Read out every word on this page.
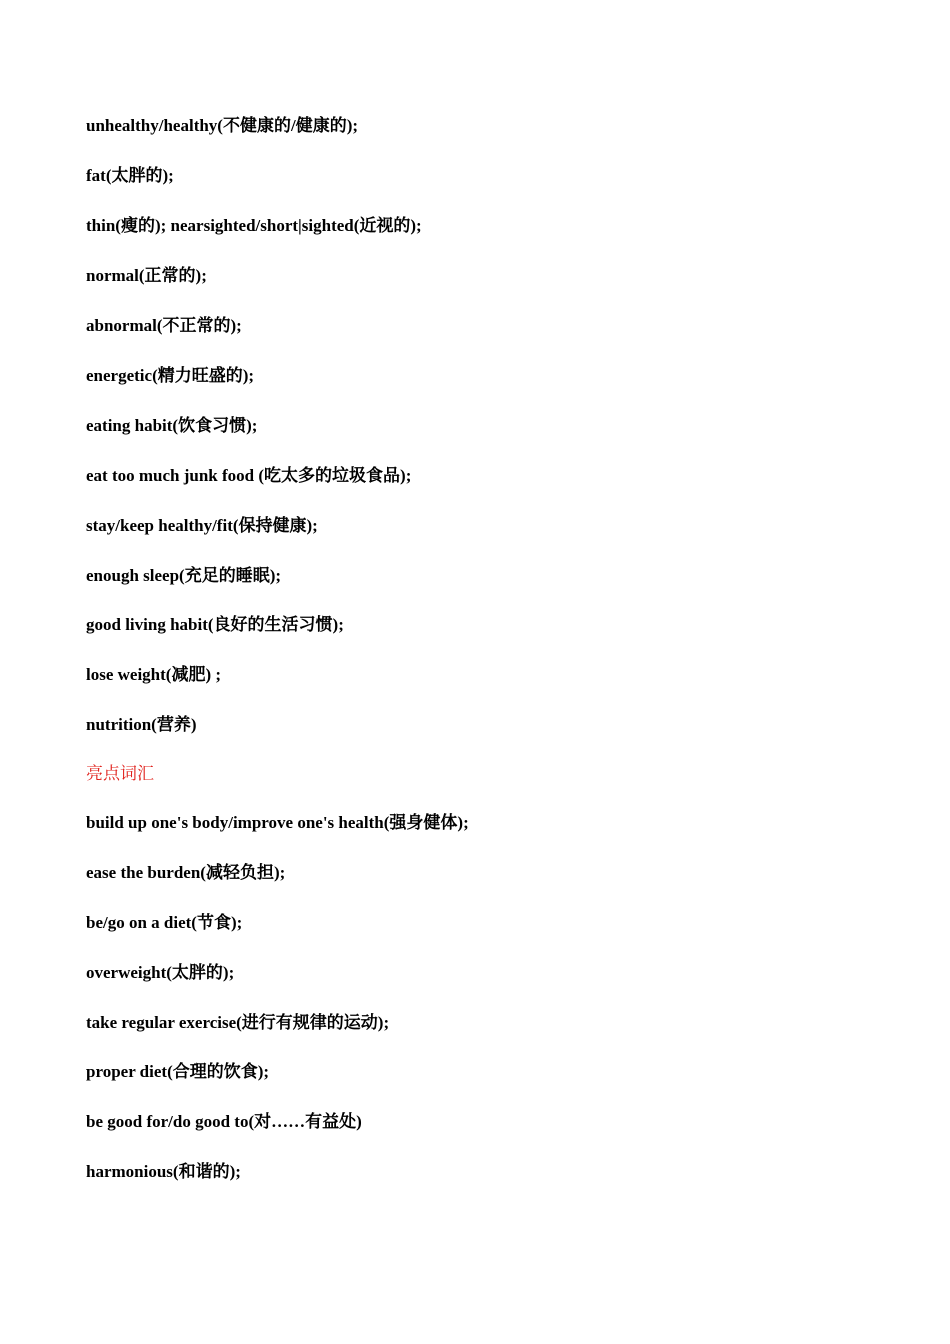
unhealthy/healthy(不健康的/健康的);
fat(太胖的);
thin(瘦的); nearsighted/short|sighted(近视的);
normal(正常的);
abnormal(不正常的);
energetic(精力旺盛的);
eating habit(饮食习惯);
eat too much junk food (吃太多的垃圾食品);
stay/keep healthy/fit(保持健康);
enough sleep(充足的睡眠);
good living habit(良好的生活习惯);
lose weight(减肥) ;
nutrition(营养)
亮点词汇
build up one's body/improve one's health(强身健体);
ease the burden(减轻负担);
be/go on a diet(节食);
overweight(太胖的);
take regular exercise(进行有规律的运动);
proper diet(合理的饮食);
be good for/do good to(对……有益处)
harmonious(和谐的);
